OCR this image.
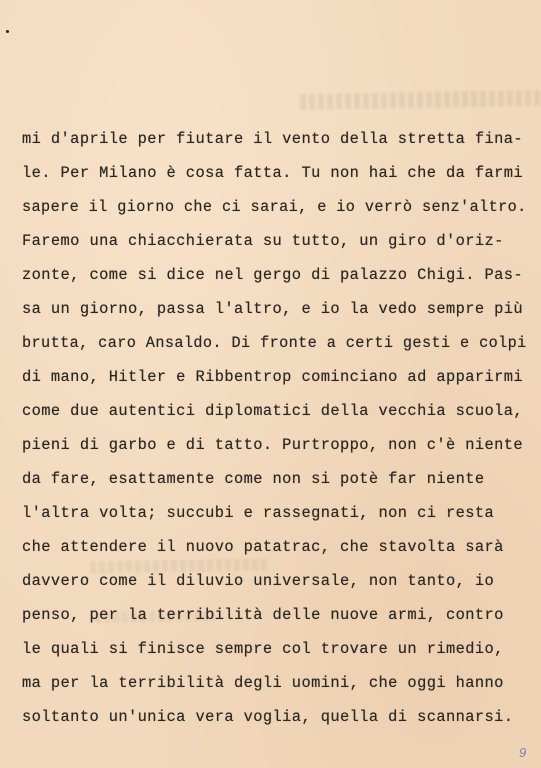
mi d'aprile per fiutare il vento della stretta fina-
le. Per Milano è cosa fatta. Tu non hai che da farmi
sapere il giorno che ci sarai, e io verrò senz'altro.
Faremo una chiacchierata su tutto, un giro d'oriz-
zonte, come si dice nel gergo di palazzo Chigi. Pas-
sa un giorno, passa l'altro, e io la vedo sempre più
brutta, caro Ansaldo. Di fronte a certi gesti e colpi
di mano, Hitler e Ribbentrop cominciano ad apparirmi
come due autentici diplomatici della vecchia scuola,
pieni di garbo e di tatto. Purtroppo, non c'è niente
da fare, esattamente come non si potè far niente
l'altra volta; succubi e rassegnati, non ci resta
che attendere il nuovo patatrac, che stavolta sarà
davvero come il diluvio universale, non tanto, io
penso, per la terribilità delle nuove armi, contro
le quali si finisce sempre col trovare un rimedio,
ma per la terribilità degli uomini, che oggi hanno
soltanto un'unica vera voglia, quella di scannarsi.
9
